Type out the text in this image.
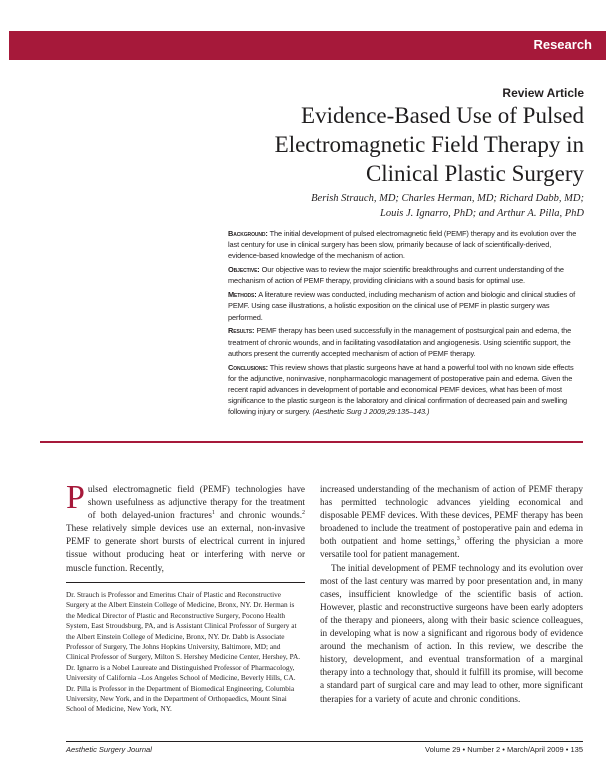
Research
Review Article
Evidence-Based Use of Pulsed
Electromagnetic Field Therapy in
Clinical Plastic Surgery
Berish Strauch, MD; Charles Herman, MD; Richard Dabb, MD;
Louis J. Ignarro, PhD; and Arthur A. Pilla, PhD

Background: The initial development of pulsed electromagnetic field (PEMF) therapy and its evolution over the last century for use in clinical surgery has been slow, primarily because of lack of scientifically-derived, evidence-based knowledge of the mechanism of action.

Objective: Our objective was to review the major scientific breakthroughs and current understanding of the mechanism of action of PEMF therapy, providing clinicians with a sound basis for optimal use.

Methods: A literature review was conducted, including mechanism of action and biologic and clinical studies of PEMF. Using case illustrations, a holistic exposition on the clinical use of PEMF in plastic surgery was performed.

Results: PEMF therapy has been used successfully in the management of postsurgical pain and edema, the treatment of chronic wounds, and in facilitating vasodilatation and angiogenesis. Using scientific support, the authors present the currently accepted mechanism of action of PEMF therapy.

Conclusions: This review shows that plastic surgeons have at hand a powerful tool with no known side effects for the adjunctive, noninvasive, nonpharmacologic management of postoperative pain and edema. Given the recent rapid advances in development of portable and economical PEMF devices, what has been of most significance to the plastic surgeon is the laboratory and clinical confirmation of decreased pain and swelling following injury or surgery. (Aesthetic Surg J 2009;29:135–143.)

Pulsed electromagnetic field (PEMF) technologies have shown usefulness as adjunctive therapy for the treatment of both delayed-union fractures$^1$ and chronic wounds.$^2$ These relatively simple devices use an external, non-invasive PEMF to generate short bursts of electrical current in injured tissue without producing heat or interfering with nerve or muscle function. Recently,

Dr. Strauch is Professor and Emeritus Chair of Plastic and Reconstructive Surgery at the Albert Einstein College of Medicine, Bronx, NY. Dr. Herman is the Medical Director of Plastic and Reconstructive Surgery, Pocono Health System, East Stroudsburg, PA, and is Assistant Clinical Professor of Surgery at the Albert Einstein College of Medicine, Bronx, NY. Dr. Dabb is Associate Professor of Surgery, The Johns Hopkins University, Baltimore, MD; and Clinical Professor of Surgery, Milton S. Hershey Medicine Center, Hershey, PA. Dr. Ignarro is a Nobel Laureate and Distinguished Professor of Pharmacology, University of California –Los Angeles School of Medicine, Beverly Hills, CA. Dr. Pilla is Professor in the Department of Biomedical Engineering, Columbia University, New York, and in the Department of Orthopaedics, Mount Sinai School of Medicine, New York, NY.

increased understanding of the mechanism of action of PEMF therapy has permitted technologic advances yielding economical and disposable PEMF devices. With these devices, PEMF therapy has been broadened to include the treatment of postoperative pain and edema in both outpatient and home settings,$^3$ offering the physician a more versatile tool for patient management.

The initial development of PEMF technology and its evolution over most of the last century was marred by poor presentation and, in many cases, insufficient knowledge of the scientific basis of action. However, plastic and reconstructive surgeons have been early adopters of the therapy and pioneers, along with their basic science colleagues, in developing what is now a significant and rigorous body of evidence around the mechanism of action. In this review, we describe the history, development, and eventual transformation of a marginal therapy into a technology that, should it fulfill its promise, will become a standard part of surgical care and may lead to other, more significant therapies for a variety of acute and chronic conditions.

Aesthetic Surgery Journal	Volume 29 • Number 2 • March/April 2009 • 135
